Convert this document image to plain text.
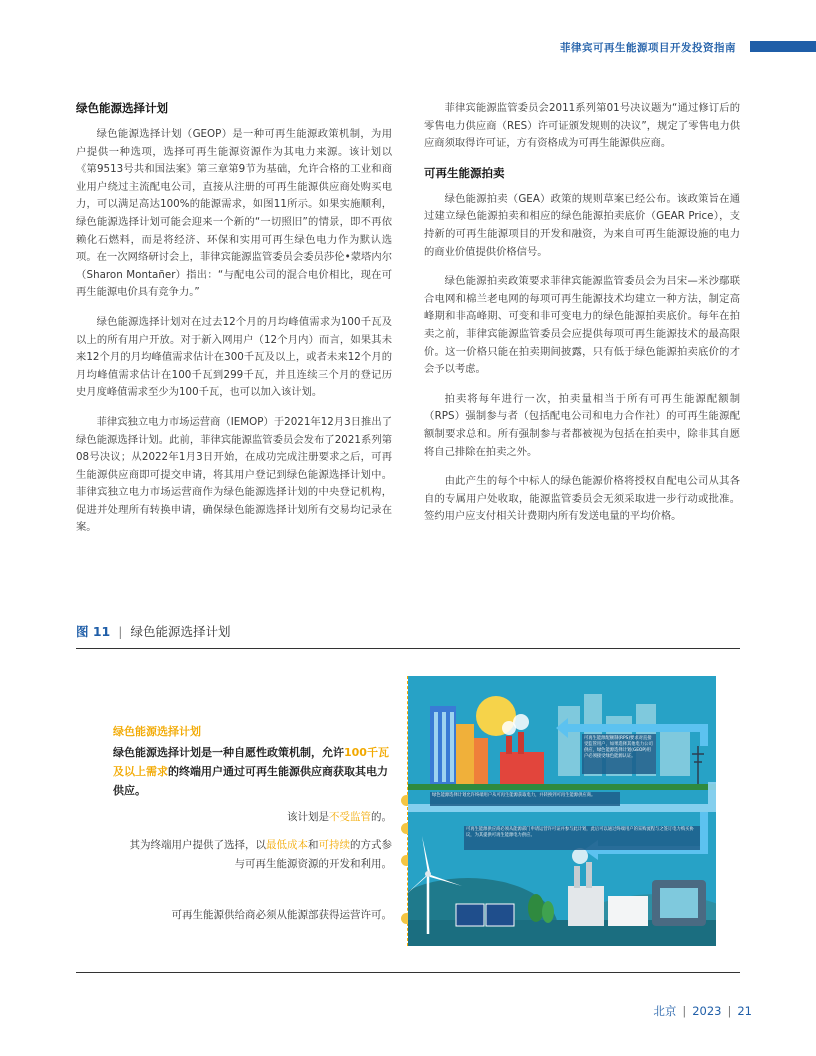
菲律宾可再生能源项目开发投资指南
绿色能源选择计划

绿色能源选择计划（GEOP）是一种可再生能源政策机制，为用户提供一种选项，选择可再生能源资源作为其电力来源。该计划以《第9513号共和国法案》第三章第9节为基础，允许合格的工业和商业用户绕过主流配电公司，直接从注册的可再生能源供应商处购买电力，可以满足高达100%的能源需求，如图11所示。如果实施顺利，绿色能源选择计划可能会迎来一个新的“一切照旧”的情景，即不再依赖化石燃料，而是将经济、环保和实用可再生绿色电力作为默认选项。在一次网络研讨会上，菲律宾能源监管委员会委员莎伦•蒙塔内尔（Sharon Montañer）指出：“与配电公司的混合电价相比，现在可再生能源电价具有竞争力。”

绿色能源选择计划对在过去12个月的月均峰值需求为100千瓦及以上的所有用户开放。对于新入网用户（12个月内）而言，如果其未来12个月的月均峰值需求估计在300千瓦及以上，或者未来12个月的月均峰值需求估计在100千瓦到299千瓦，并且连续三个月的登记历史月度峰值需求至少为100千瓦，也可以加入该计划。

菲律宾独立电力市场运营商（IEMOP）于2021年12月3日推出了绿色能源选择计划。此前，菲律宾能源监管委员会发布了2021系列第08号决议；从2022年1月3日开始，在成功完成注册要求之后，可再生能源供应商即可提交申请，将其用户登记到绿色能源选择计划中。菲律宾独立电力市场运营商作为绿色能源选择计划的中央登记机构，促进并处理所有转换申请，确保绿色能源选择计划所有交易均记录在案。

菲律宾能源监管委员会2011系列第01号决议题为“通过修订后的零售电力供应商（RES）许可证颁发规则的决议”，规定了零售电力供应商须取得许可证，方有资格成为可再生能源供应商。

可再生能源拍卖

绿色能源拍卖（GEA）政策的规则草案已经公布。该政策旨在通过建立绿色能源拍卖和相应的绿色能源拍卖底价（GEAR Price），支持新的可再生能源项目的开发和融资，为来自可再生能源设施的电力的商业价值提供价格信号。

绿色能源拍卖政策要求菲律宾能源监管委员会为吕宋—米沙鄢联合电网和棉兰老电网的每项可再生能源技术均建立一种方法，制定高峰期和非高峰期、可变和非可变电力的绿色能源拍卖底价。每年在拍卖之前，菲律宾能源监管委员会应提供每项可再生能源技术的最高限价。这一价格只能在拍卖期间披露，只有低于绿色能源拍卖底价的才会予以考虑。

拍卖将每年进行一次，拍卖量相当于所有可再生能源配额制（RPS）强制参与者（包括配电公司和电力合作社）的可再生能源配额制要求总和。所有强制参与者都被视为包括在拍卖中，除非其自愿将自己排除在拍卖之外。

由此产生的每个中标人的绿色能源价格将授权自配电公司从其各自的专属用户处收取，能源监管委员会无须采取进一步行动或批准。签约用户应支付相关计费期内所有发送电量的平均价格。

图 11 | 绿色能源选择计划
绿色能源选择计划
绿色能源选择计划是一种自愿性政策机制，允许100千瓦及以上需求的终端用户通过可再生能源供应商获取其电力供应。
该计划是不受监管的。
其为终端用户提供了选择，以最低成本和可持续的方式参与可再生能源资源的开发和利用。
可再生能源供给商必须从能源部获得运营许可。
可再生能源配额制(RPS)要求对直接受监管用户，如果选择其他电力公司供应，绿色能源选择计划(GEOP)用户必须接受绿色能源认证。
绿色能源选择计划允许终端用户从可再生能源获取电力，并转换到可再生能源供应商。
可再生能源供应商必须从能源部门申请运营许可证并参与此计划，此后可以通过终端用户的采购流程与之签订电力购买协议，为其提供可再生能源电力供应。
北京 | 2023 | 21
